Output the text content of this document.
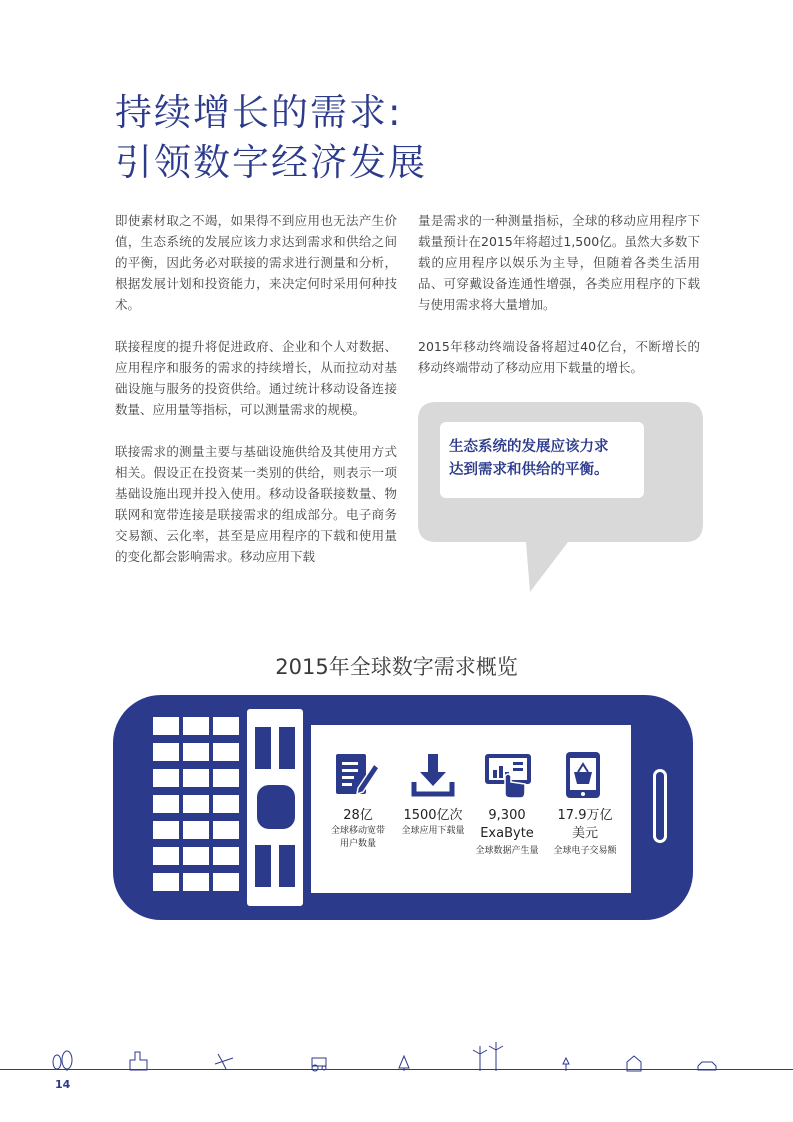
持续增长的需求:
引领数字经济发展

即使素材取之不竭，如果得不到应用也无法产生价值，生态系统的发展应该力求达到需求和供给之间的平衡，因此务必对联接的需求进行测量和分析，根据发展计划和投资能力，来决定何时采用何种技术。

联接程度的提升将促进政府、企业和个人对数据、应用程序和服务的需求的持续增长，从而拉动对基础设施与服务的投资供给。通过统计移动设备连接数量、应用量等指标，可以测量需求的规模。

联接需求的测量主要与基础设施供给及其使用方式相关。假设正在投资某一类别的供给，则表示一项基础设施出现并投入使用。移动设备联接数量、物联网和宽带连接是联接需求的组成部分。电子商务交易额、云化率，甚至是应用程序的下载和使用量的变化都会影响需求。移动应用下载

量是需求的一种测量指标，全球的移动应用程序下载量预计在2015年将超过1,500亿。虽然大多数下载的应用程序以娱乐为主导，但随着各类生活用品、可穿戴设备连通性增强，各类应用程序的下载与使用需求将大量增加。

2015年移动终端设备将超过40亿台，不断增长的移动终端带动了移动应用下载量的增长。

生态系统的发展应该力求
达到需求和供给的平衡。
2015年全球数字需求概览
28亿
全球移动宽带
用户数量
1500亿次
全球应用下载量
9,300
ExaByte
全球数据产生量
17.9万亿
美元
全球电子交易额
14
